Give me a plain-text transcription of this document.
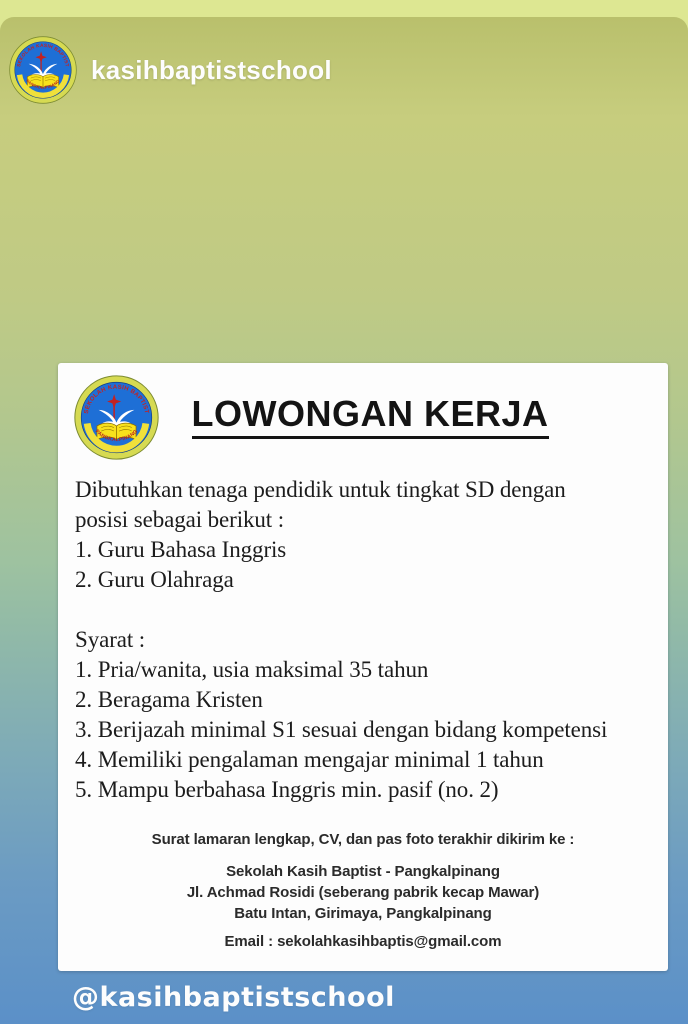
kasihbaptistschool
LOWONGAN KERJA
Dibutuhkan tenaga pendidik untuk tingkat SD dengan
posisi sebagai berikut :
1. Guru Bahasa Inggris
2. Guru Olahraga
Syarat :
1. Pria/wanita, usia maksimal 35 tahun
2. Beragama Kristen
3. Berijazah minimal S1 sesuai dengan bidang kompetensi
4. Memiliki pengalaman mengajar minimal 1 tahun
5. Mampu berbahasa Inggris min. pasif (no. 2)
Surat lamaran lengkap, CV, dan pas foto terakhir dikirim ke :
Sekolah Kasih Baptist - Pangkalpinang
Jl. Achmad Rosidi (seberang pabrik kecap Mawar)
Batu Intan, Girimaya, Pangkalpinang
Email : sekolahkasihbaptis@gmail.com
@kasihbaptistschool
